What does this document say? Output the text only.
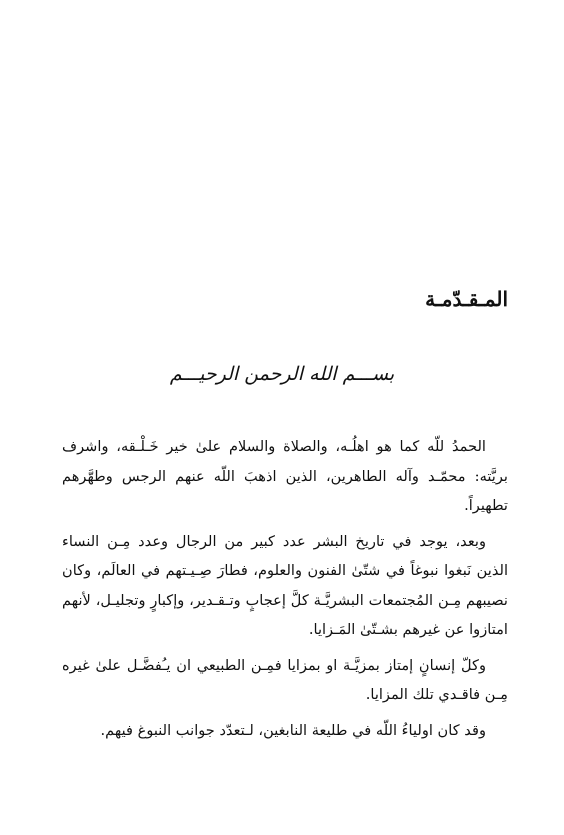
المـقـدّمـة
بســـم الله الرحمن الرحيـــم

الحمدُ للّه كما هو اهلُـه، والصلاة والسلام علىٰ خير خَـلْـقه، واشرف بريَّته: محمّـد وآله الطاهرين، الذين اذهبَ اللّه عنهم الرجس وطهَّرهم تطهيراً.

وبعد، يوجد في تاريخ البشر عدد كبير من الرجال وعدد مِـن النساء الذين نَبغوا نبوغاً في شتّىٰ الفنون والعلوم، فطارَ صِـيـتهم في العالَم، وكان نصيبهم مِـن المُجتمعات البشريَّـة كلَّ إعجابٍ وتـقـدير، وإكبارٍ وتجليـل، لأنهم امتازوا عن غيرهم بشـتّىٰ المَـزايا.

وكلّ إنسانٍ إمتاز بمزيَّـة او بمزايا فمِـن الطبيعي ان يـُفضَّـل علىٰ غيره مِـن فاقـدي تلك المزايا.

وقد كان اولياءُ اللّه في طليعة النابغين، لـتعدّد جوانب النبوغ فيهم.
